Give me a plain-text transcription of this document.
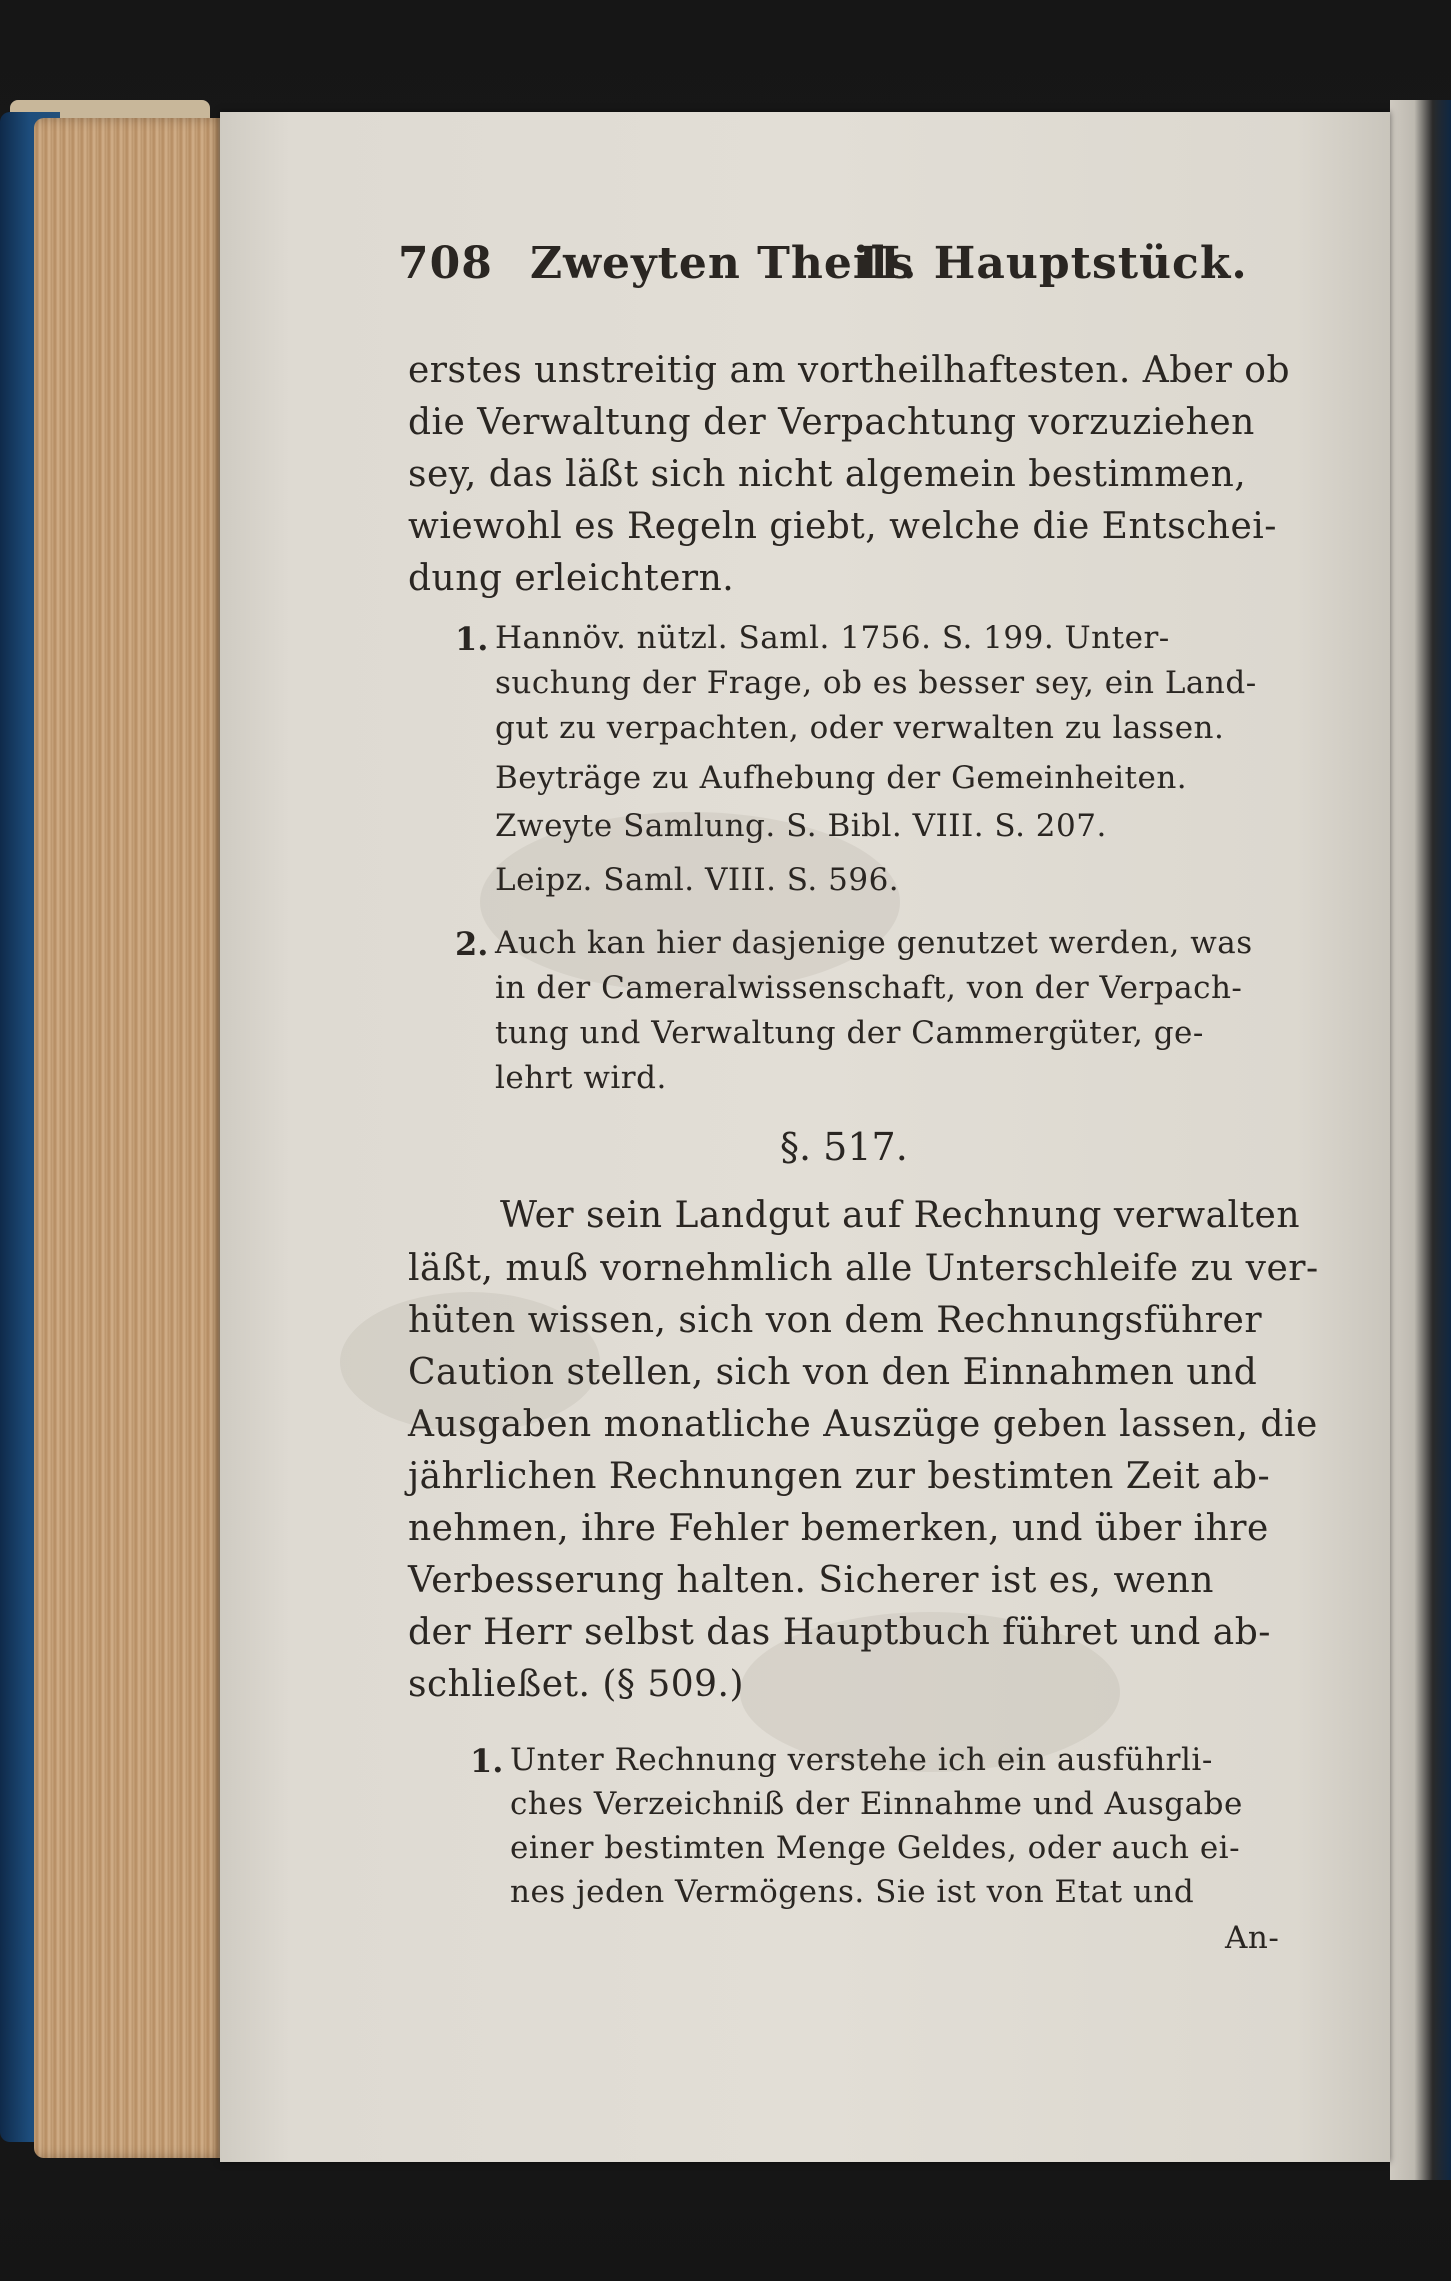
708 Zweyten Theils
II. Hauptstück.
erstes unstreitig am vortheilhaftesten. Aber ob
die Verwaltung der Verpachtung vorzuziehen
sey, das läßt sich nicht algemein bestimmen,
wiewohl es Regeln giebt, welche die Entschei-
dung erleichtern.
1. Hannöv. nützl. Saml. 1756. S. 199. Unter-
suchung der Frage, ob es besser sey, ein Land-
gut zu verpachten, oder verwalten zu lassen.
Beyträge zu Aufhebung der Gemeinheiten.
Zweyte Samlung. S. Bibl. VIII. S. 207.
Leipz. Saml. VIII. S. 596.
2. Auch kan hier dasjenige genutzet werden, was
in der Cameralwissenschaft, von der Verpach-
tung und Verwaltung der Cammergüter, ge-
lehrt wird.
§. 517.
Wer sein Landgut auf Rechnung verwalten
läßt, muß vornehmlich alle Unterschleife zu ver-
hüten wissen, sich von dem Rechnungsführer
Caution stellen, sich von den Einnahmen und
Ausgaben monatliche Auszüge geben lassen, die
jährlichen Rechnungen zur bestimten Zeit ab-
nehmen, ihre Fehler bemerken, und über ihre
Verbesserung halten. Sicherer ist es, wenn
der Herr selbst das Hauptbuch führet und ab-
schließet. (§ 509.)
1. Unter Rechnung verstehe ich ein ausführli-
ches Verzeichniß der Einnahme und Ausgabe
einer bestimten Menge Geldes, oder auch ei-
nes jeden Vermögens. Sie ist von Etat und
An-
